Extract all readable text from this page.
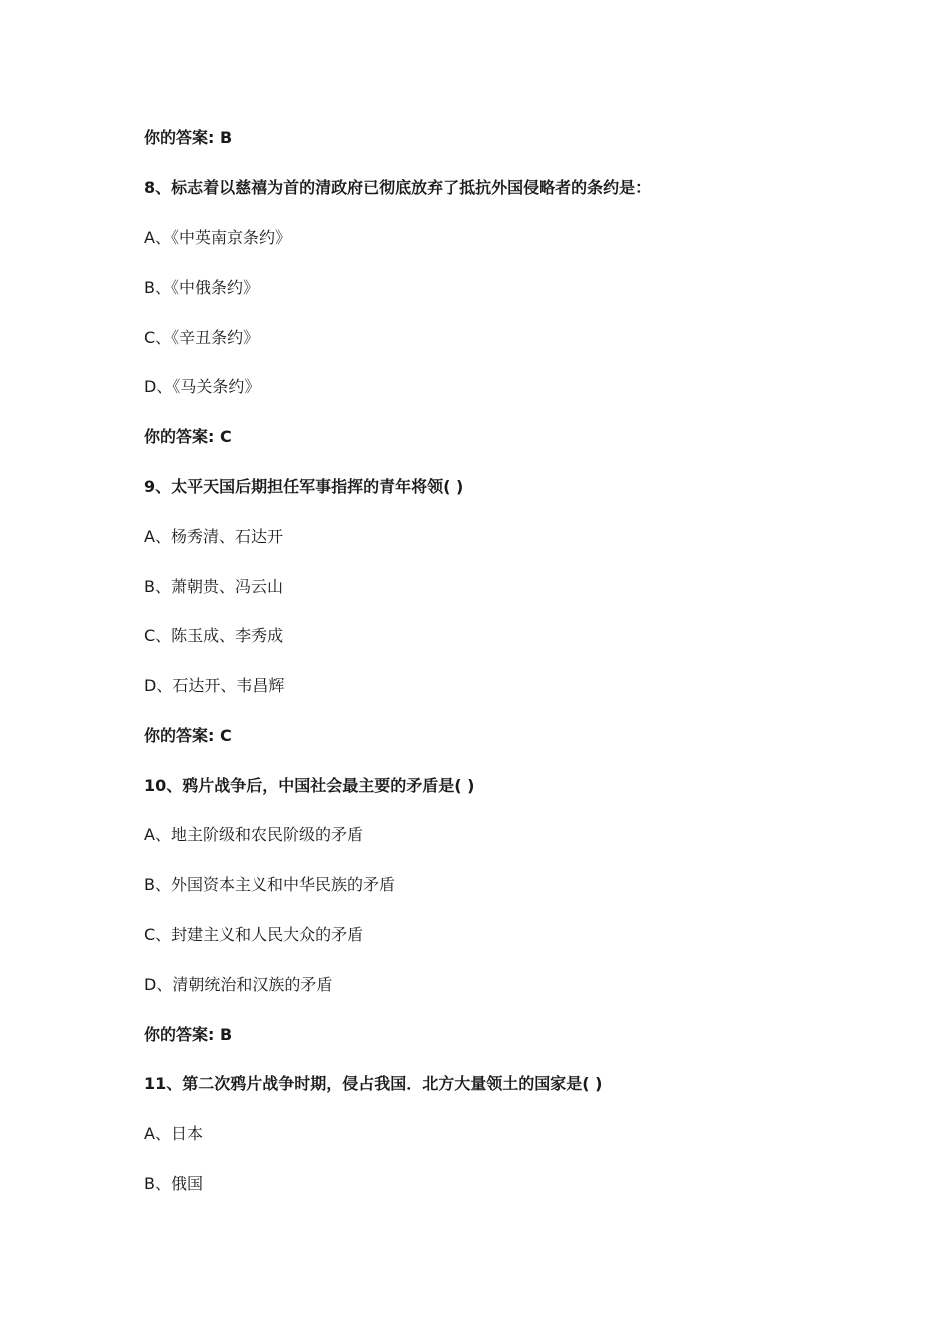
你的答案: B
8、标志着以慈禧为首的清政府已彻底放弃了抵抗外国侵略者的条约是：
A、《中英南京条约》
B、《中俄条约》
C、《辛丑条约》
D、《马关条约》
你的答案: C
9、太平天国后期担任军事指挥的青年将领( )
A、杨秀清、石达开
B、萧朝贵、冯云山
C、陈玉成、李秀成
D、石达开、韦昌辉
你的答案: C
10、鸦片战争后，中国社会最主要的矛盾是( )
A、地主阶级和农民阶级的矛盾
B、外国资本主义和中华民族的矛盾
C、封建主义和人民大众的矛盾
D、清朝统治和汉族的矛盾
你的答案: B
11、第二次鸦片战争时期，侵占我国．北方大量领土的国家是( )
A、日本
B、俄国
